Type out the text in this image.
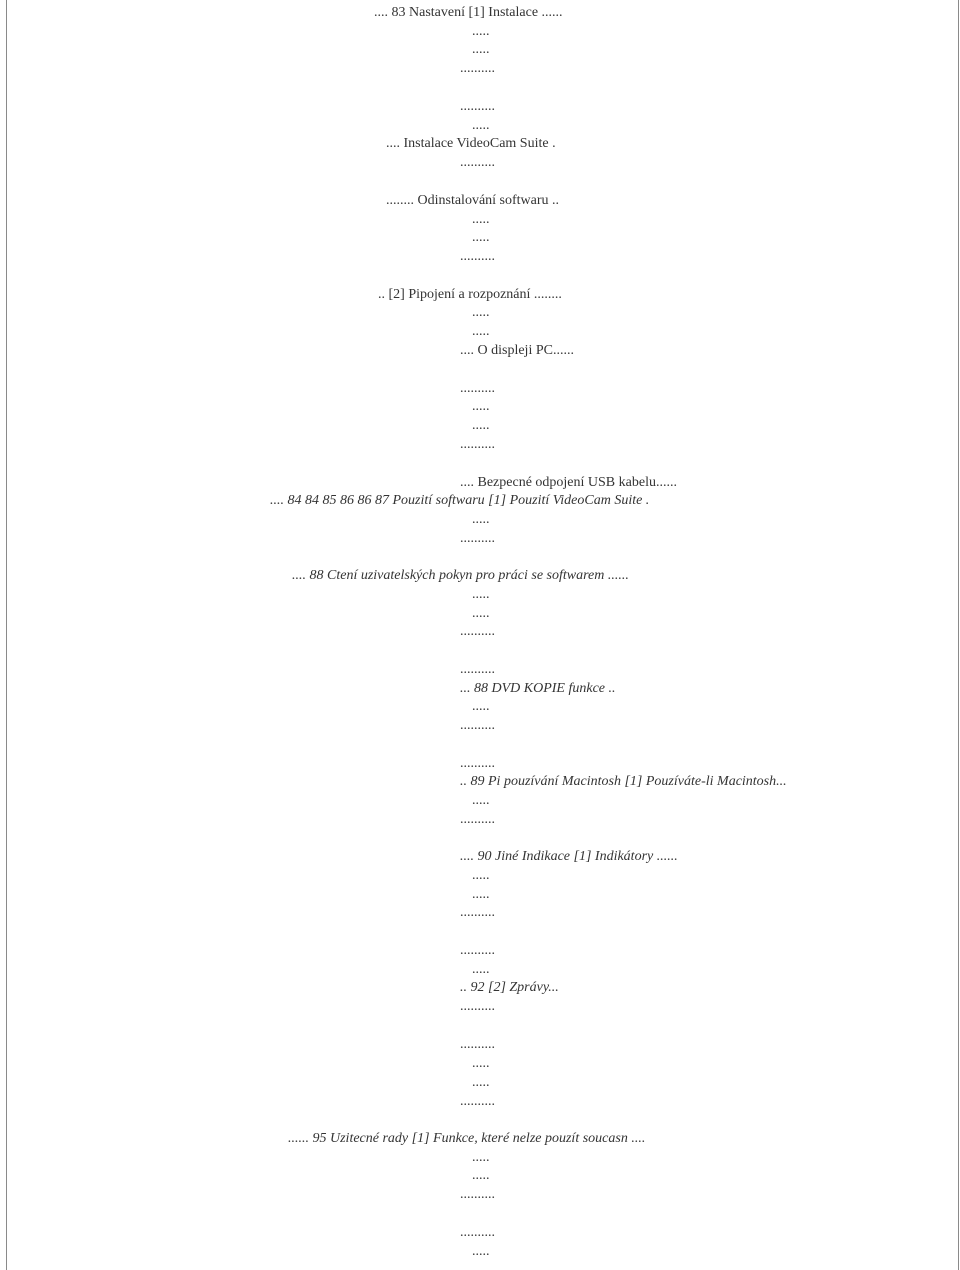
.... 83 Nastavení [1] Instalace ......
.....
.....
..........
..........
.....
.... Instalace VideoCam Suite .
..........
........ Odinstalování softwaru ..
.....
.....
..........
.. [2] Pipojení a rozpoznání ........
.....
.....
.... O displeji PC......
..........
.....
.....
..........
.... Bezpecné odpojení USB kabelu......
.... 84 84 85 86 86 87 Pouzití softwaru [1] Pouzití VideoCam Suite .
.....
..........
.... 88 Ctení uzivatelských pokyn pro práci se softwarem ......
.....
.....
..........
..........
... 88 DVD KOPIE funkce ..
.....
..........
..........
.. 89 Pi pouzívání Macintosh [1] Pouzíváte-li Macintosh...
.....
..........
.... 90 Jiné Indikace [1] Indikátory ......
.....
.....
..........
..........
.....
.. 92 [2] Zprávy...
..........
..........
.....
.....
..........
...... 95 Uzitecné rady [1] Funkce, které nelze pouzít soucasn ....
.....
.....
..........
..........
.....
